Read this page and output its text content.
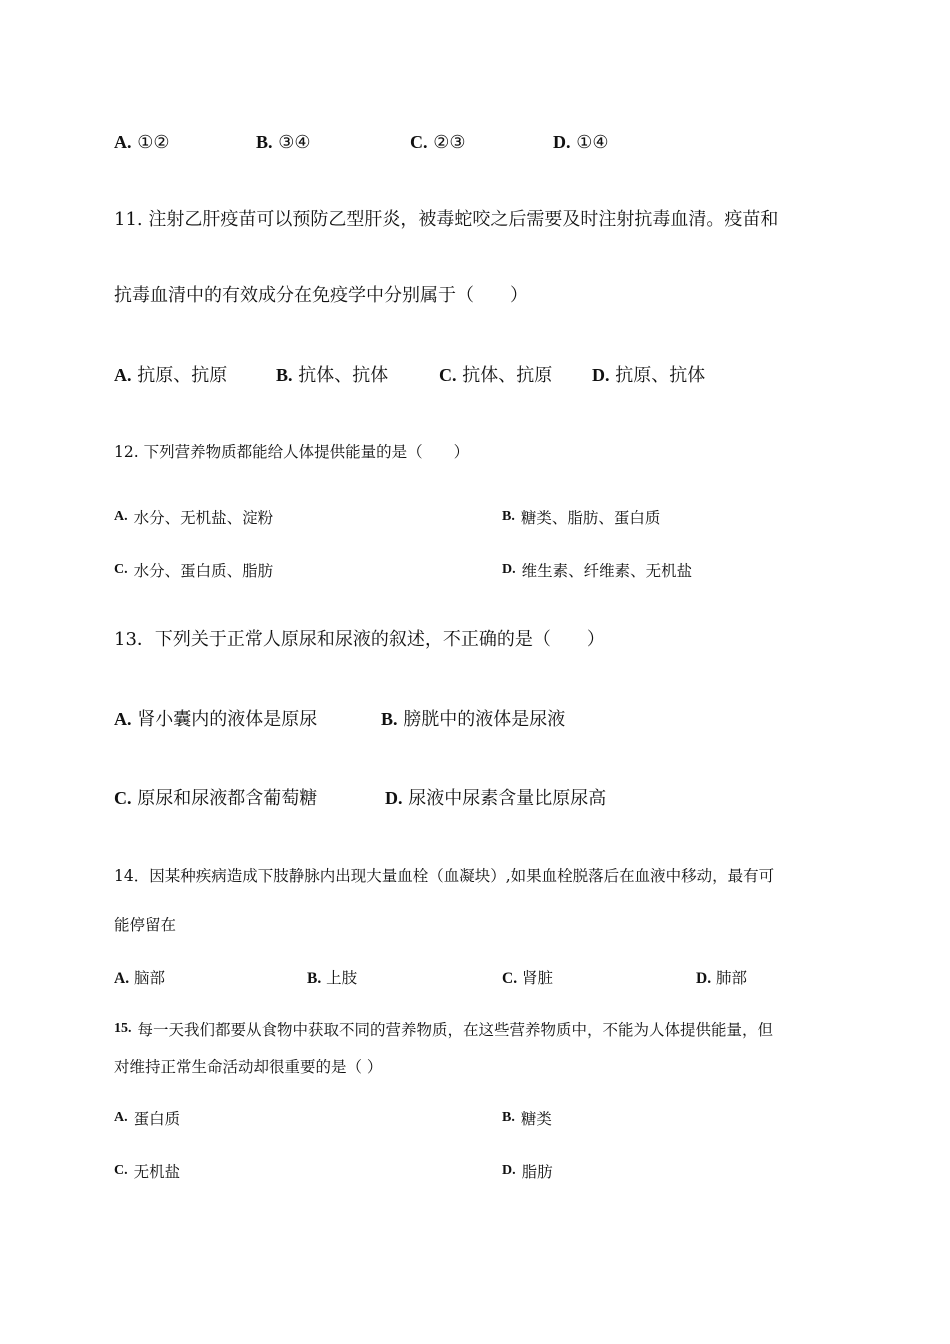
A. ①②	B. ③④	C. ②③	D. ①④
11. 注射乙肝疫苗可以预防乙型肝炎，被毒蛇咬之后需要及时注射抗毒血清。疫苗和
抗毒血清中的有效成分在免疫学中分别属于（　　）
A. 抗原、抗原	B. 抗体、抗体	C. 抗体、抗原 D. 抗原、抗体
12. 下列营养物质都能给人体提供能量的是（　　）
A. 水分、无机盐、淀粉	B. 糖类、脂肪、蛋白质
C. 水分、蛋白质、脂肪	D. 维生素、纤维素、无机盐
13．下列关于正常人原尿和尿液的叙述，不正确的是（　　）
A. 肾小囊内的液体是原尿	B. 膀胱中的液体是尿液
C. 原尿和尿液都含葡萄糖	D. 尿液中尿素含量比原尿高
14．因某种疾病造成下肢静脉内出现大量血栓（血凝块）,如果血栓脱落后在血液中移动，最有可
能停留在
A. 脑部	B. 上肢	C. 肾脏	D. 肺部
15. 每一天我们都要从食物中获取不同的营养物质，在这些营养物质中，不能为人体提供能量，但
对维持正常生命活动却很重要的是（ ）
A. 蛋白质	B. 糖类
C. 无机盐	D. 脂肪
